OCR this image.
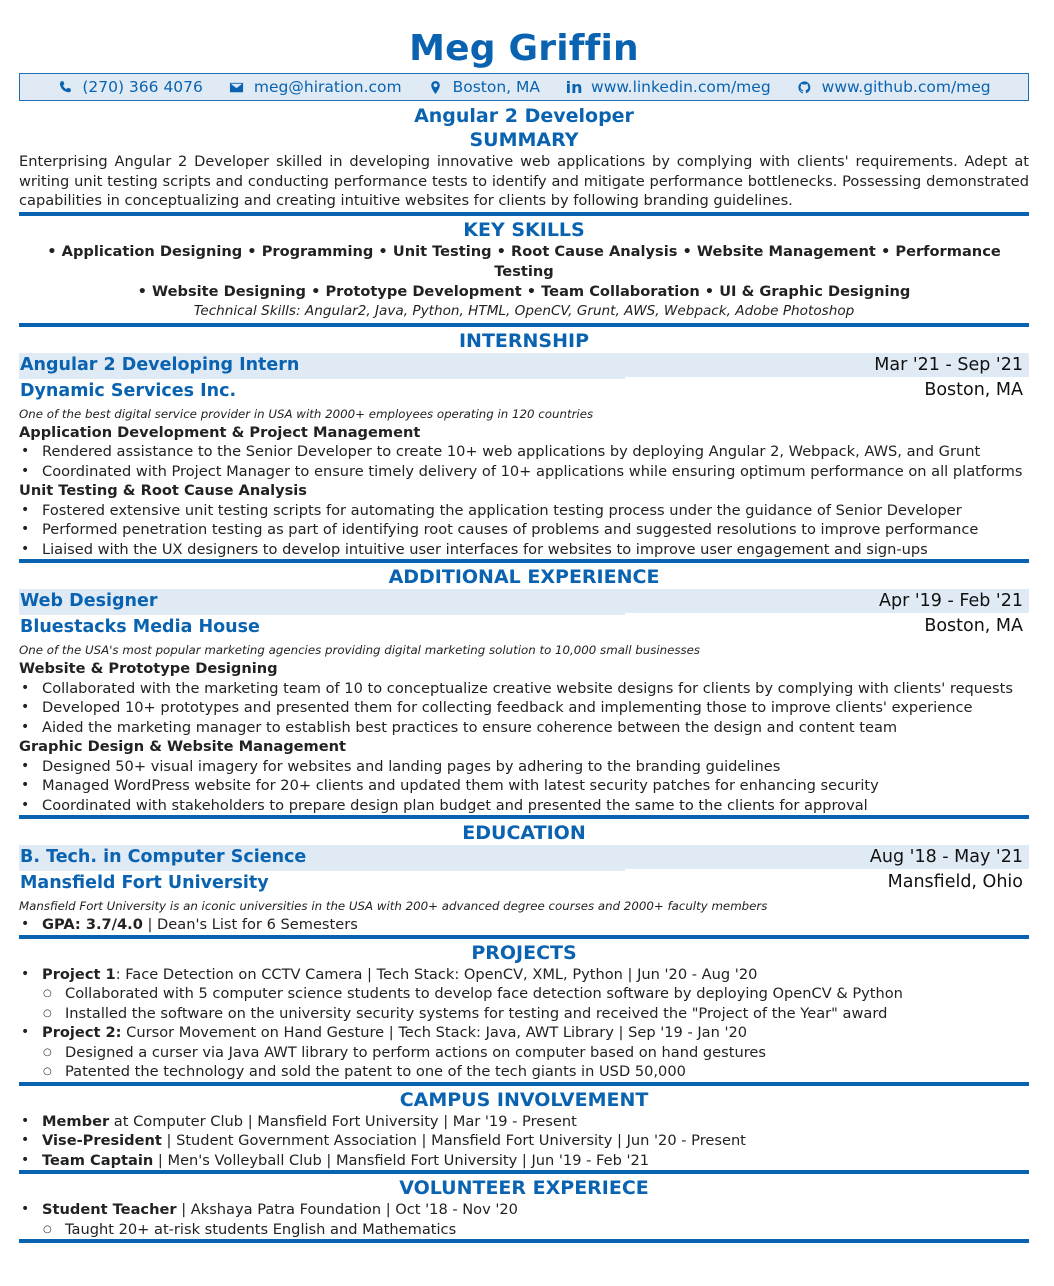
Meg Griffin
(270) 366 4076	meg@hiration.com	Boston, MA in www.linkedin.com/meg	www.github.com/meg
Angular 2 Developer
SUMMARY
Enterprising Angular 2 Developer skilled in developing innovative web applications by complying with clients' requirements. Adept at writing unit testing scripts and conducting performance tests to identify and mitigate performance bottlenecks. Possessing demonstrated capabilities in conceptualizing and creating intuitive websites for clients by following branding guidelines.
KEY SKILLS
• Application Designing • Programming • Unit Testing • Root Cause Analysis • Website Management • Performance Testing
• Website Designing • Prototype Development • Team Collaboration • UI & Graphic Designing
Technical Skills: Angular2, Java, Python, HTML, OpenCV, Grunt, AWS, Webpack, Adobe Photoshop
INTERNSHIP
Angular 2 Developing Intern	Mar '21 - Sep '21
Dynamic Services Inc.	Boston, MA
One of the best digital service provider in USA with 2000+ employees operating in 120 countries
Application Development & Project Management
• Rendered assistance to the Senior Developer to create 10+ web applications by deploying Angular 2, Webpack, AWS, and Grunt
• Coordinated with Project Manager to ensure timely delivery of 10+ applications while ensuring optimum performance on all platforms
Unit Testing & Root Cause Analysis
• Fostered extensive unit testing scripts for automating the application testing process under the guidance of Senior Developer
• Performed penetration testing as part of identifying root causes of problems and suggested resolutions to improve performance
• Liaised with the UX designers to develop intuitive user interfaces for websites to improve user engagement and sign-ups
ADDITIONAL EXPERIENCE
Web Designer	Apr '19 - Feb '21
Bluestacks Media House	Boston, MA
One of the USA's most popular marketing agencies providing digital marketing solution to 10,000 small businesses
Website & Prototype Designing
• Collaborated with the marketing team of 10 to conceptualize creative website designs for clients by complying with clients' requests
• Developed 10+ prototypes and presented them for collecting feedback and implementing those to improve clients' experience
• Aided the marketing manager to establish best practices to ensure coherence between the design and content team
Graphic Design & Website Management
• Designed 50+ visual imagery for websites and landing pages by adhering to the branding guidelines
• Managed WordPress website for 20+ clients and updated them with latest security patches for enhancing security
• Coordinated with stakeholders to prepare design plan budget and presented the same to the clients for approval
EDUCATION
B. Tech. in Computer Science	Aug '18 - May '21
Mansfield Fort University	Mansfield, Ohio
Mansfield Fort University is an iconic universities in the USA with 200+ advanced degree courses and 2000+ faculty members
• GPA: 3.7/4.0 | Dean's List for 6 Semesters
PROJECTS
• Project 1: Face Detection on CCTV Camera | Tech Stack: OpenCV, XML, Python | Jun '20 - Aug '20
○ Collaborated with 5 computer science students to develop face detection software by deploying OpenCV & Python
○ Installed the software on the university security systems for testing and received the "Project of the Year" award
• Project 2: Cursor Movement on Hand Gesture | Tech Stack: Java, AWT Library | Sep '19 - Jan '20
○ Designed a curser via Java AWT library to perform actions on computer based on hand gestures
○ Patented the technology and sold the patent to one of the tech giants in USD 50,000
CAMPUS INVOLVEMENT
• Member at Computer Club | Mansfield Fort University | Mar '19 - Present
• Vise-President | Student Government Association | Mansfield Fort University | Jun '20 - Present
• Team Captain | Men's Volleyball Club | Mansfield Fort University | Jun '19 - Feb '21
VOLUNTEER EXPERIECE
• Student Teacher | Akshaya Patra Foundation | Oct '18 - Nov '20
○ Taught 20+ at-risk students English and Mathematics
